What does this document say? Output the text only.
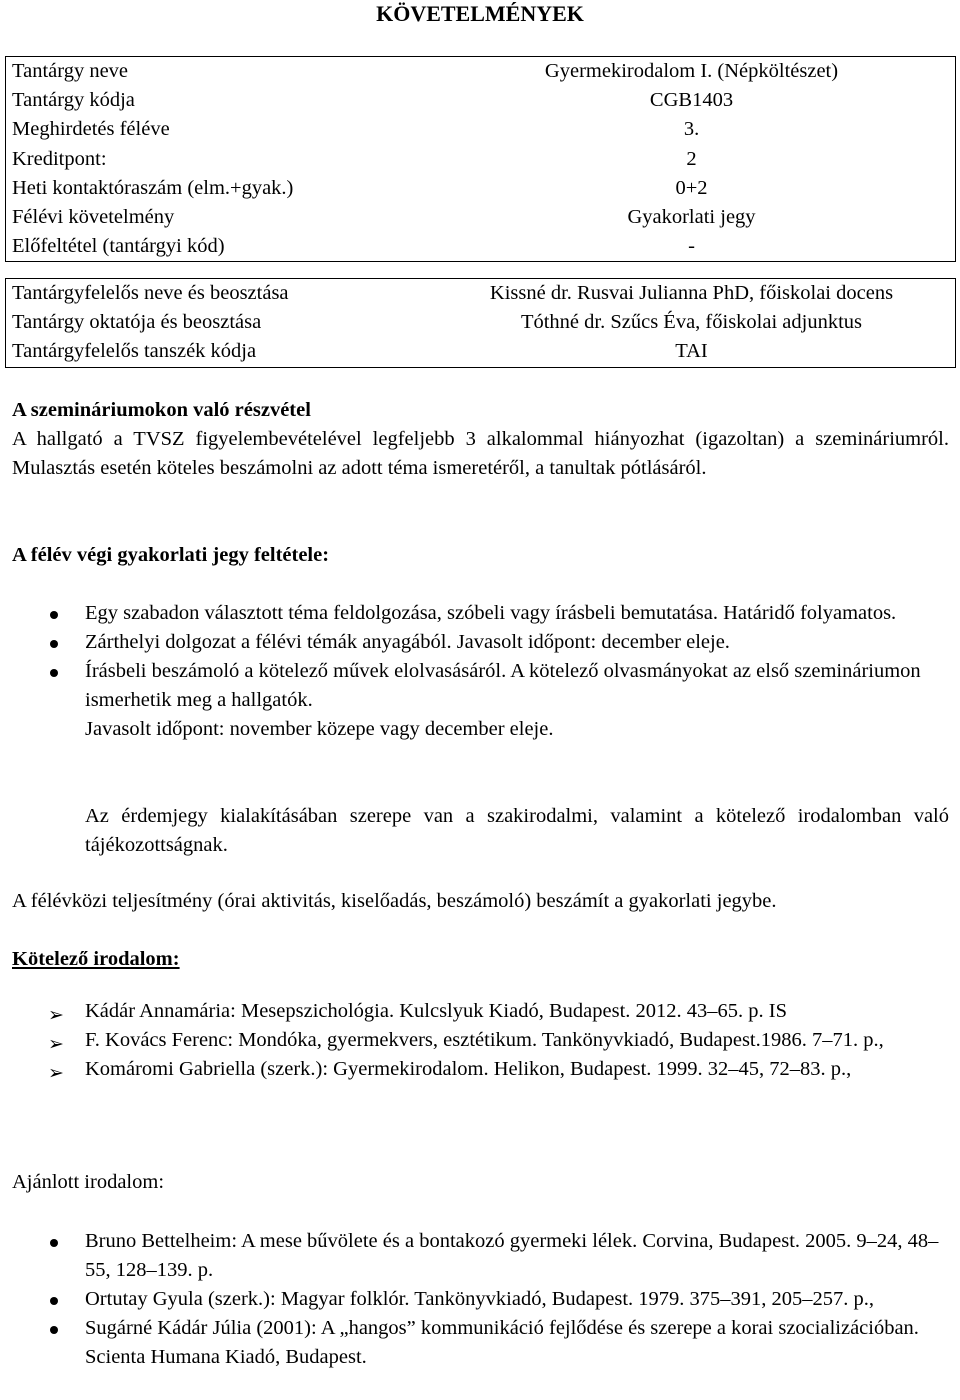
KÖVETELMÉNYEK
Tantárgy neve	Gyermekirodalom I. (Népköltészet)
Tantárgy kódja	CGB1403
Meghirdetés féléve	3.
Kreditpont:	2
Heti kontaktóraszám (elm.+gyak.)	0+2
Félévi követelmény	Gyakorlati jegy
Előfeltétel (tantárgyi kód)	-
Tantárgyfelelős neve és beosztása	Kissné dr. Rusvai Julianna PhD, főiskolai docens
Tantárgy oktatója és beosztása	Tóthné dr. Szűcs Éva, főiskolai adjunktus
Tantárgyfelelős tanszék kódja	TAI
A szemináriumokon való részvétel
A hallgató a TVSZ figyelembevételével legfeljebb 3 alkalommal hiányozhat (igazoltan) a szemináriumról. Mulasztás esetén köteles beszámolni az adott téma ismeretéről, a tanultak pótlásáról.
A félév végi gyakorlati jegy feltétele:
Egy szabadon választott téma feldolgozása, szóbeli vagy írásbeli bemutatása. Határidő folyamatos.
Zárthelyi dolgozat a félévi témák anyagából. Javasolt időpont: december eleje.
Írásbeli beszámoló a kötelező művek elolvasásáról. A kötelező olvasmányokat az első szemináriumon ismerhetik meg a hallgatók.
Javasolt időpont: november közepe vagy december eleje.
Az érdemjegy kialakításában szerepe van a szakirodalmi, valamint a kötelező irodalomban való tájékozottságnak.
A félévközi teljesítmény (órai aktivitás, kiselőadás, beszámoló) beszámít a gyakorlati jegybe.
Kötelező irodalom:
➢ Kádár Annamária: Mesepszichológia. Kulcslyuk Kiadó, Budapest. 2012. 43–65. p. IS
➢ F. Kovács Ferenc: Mondóka, gyermekvers, esztétikum. Tankönyvkiadó, Budapest.1986. 7–71. p.,
➢ Komáromi Gabriella (szerk.): Gyermekirodalom. Helikon, Budapest. 1999. 32–45, 72–83. p.,
Ajánlott irodalom:
Bruno Bettelheim: A mese bűvölete és a bontakozó gyermeki lélek. Corvina, Budapest. 2005. 9–24, 48–55, 128–139. p.
Ortutay Gyula (szerk.): Magyar folklór. Tankönyvkiadó, Budapest. 1979. 375–391, 205–257. p.,
Sugárné Kádár Júlia (2001): A „hangos” kommunikáció fejlődése és szerepe a korai szocializációban. Scienta Humana Kiadó, Budapest.
